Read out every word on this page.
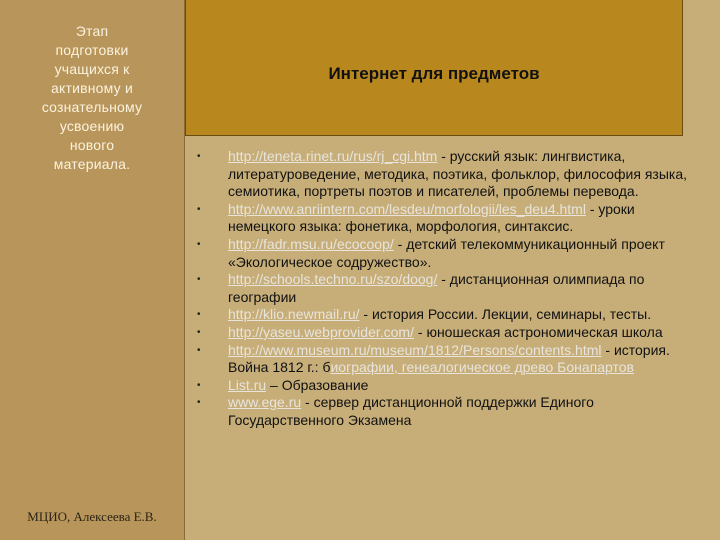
Этап
подготовки
учащихся к
активному и
сознательному
усвоению
нового
материала.
МЦИО, Алексеева Е.В.
Интернет для предметов
• http://teneta.rinet.ru/rus/rj_cgi.htm - русский язык: лингвистика, литературоведение, методика, поэтика, фольклор, философия языка, семиотика, портреты поэтов и писателей, проблемы перевода.
• http://www.anriintern.com/lesdeu/morfologii/les_deu4.html - уроки немецкого языка: фонетика, морфология, синтаксис.
• http://fadr.msu.ru/ecocoop/ - детский телекоммуникационный проект «Экологическое содружество».
• http://schools.techno.ru/szo/doog/ - дистанционная олимпиада по географии
• http://klio.newmail.ru/ - история России. Лекции, семинары, тесты.
• http://yaseu.webprovider.com/ - юношеская астрономическая школа
• http://www.museum.ru/museum/1812/Persons/contents.html - история. Война 1812 г.: биографии, генеалогическое древо Бонапартов
• List.ru – Образование
• www.ege.ru - сервер дистанционной поддержки Единого Государственного Экзамена
